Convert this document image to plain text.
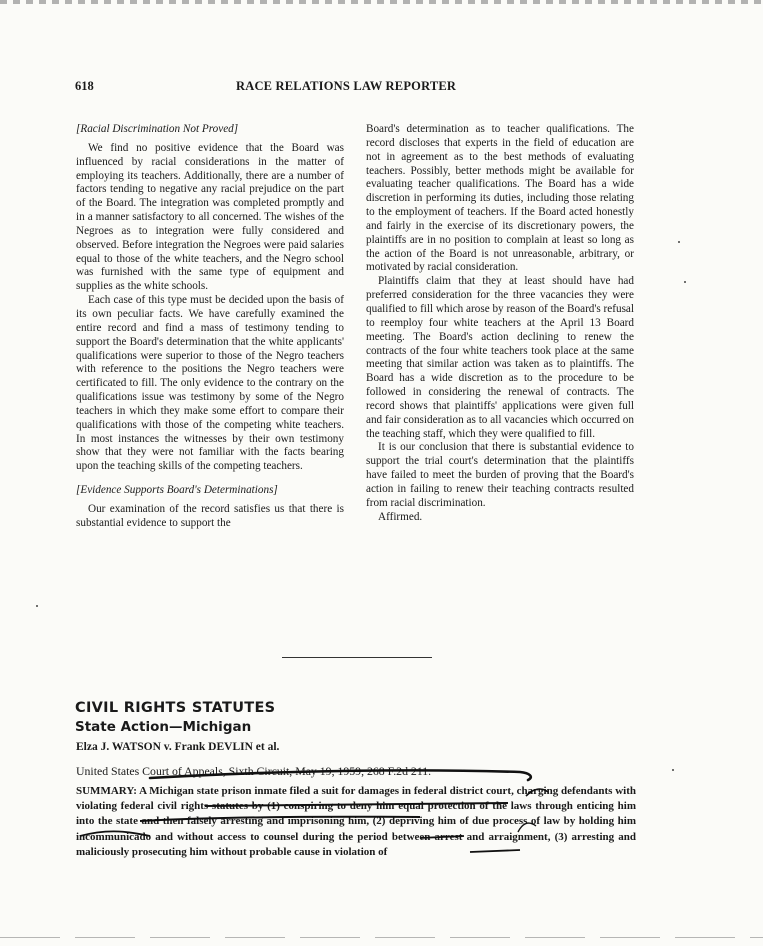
618	RACE RELATIONS LAW REPORTER

[Racial Discrimination Not Proved]

We find no positive evidence that the Board was influenced by racial considerations in the matter of employing its teachers. Additionally, there are a number of factors tending to negative any racial prejudice on the part of the Board. The integration was completed promptly and in a manner satisfactory to all concerned. The wishes of the Negroes as to integration were fully considered and observed. Before integration the Negroes were paid salaries equal to those of the white teachers, and the Negro school was furnished with the same type of equipment and supplies as the white schools.

Each case of this type must be decided upon the basis of its own peculiar facts. We have carefully examined the entire record and find a mass of testimony tending to support the Board's determination that the white applicants' qualifications were superior to those of the Negro teachers with reference to the positions the Negro teachers were certificated to fill. The only evidence to the contrary on the qualifications issue was testimony by some of the Negro teachers in which they make some effort to compare their qualifications with those of the competing white teachers. In most instances the witnesses by their own testimony show that they were not familiar with the facts bearing upon the teaching skills of the competing teachers.

[Evidence Supports Board's Determinations]

Our examination of the record satisfies us that there is substantial evidence to support the

Board's determination as to teacher qualifications. The record discloses that experts in the field of education are not in agreement as to the best methods of evaluating teachers. Possibly, better methods might be available for evaluating teacher qualifications. The Board has a wide discretion in performing its duties, including those relating to the employment of teachers. If the Board acted honestly and fairly in the exercise of its discretionary powers, the plaintiffs are in no position to complain at least so long as the action of the Board is not unreasonable, arbitrary, or motivated by racial consideration.

Plaintiffs claim that they at least should have had preferred consideration for the three vacancies they were qualified to fill which arose by reason of the Board's refusal to reemploy four white teachers at the April 13 Board meeting. The Board's action declining to renew the contracts of the four white teachers took place at the same meeting that similar action was taken as to plaintiffs. The Board has a wide discretion as to the procedure to be followed in considering the renewal of contracts. The record shows that plaintiffs' applications were given full and fair consideration as to all vacancies which occurred on the teaching staff, which they were qualified to fill.

It is our conclusion that there is substantial evidence to support the trial court's determination that the plaintiffs have failed to meet the burden of proving that the Board's action in failing to renew their teaching contracts resulted from racial discrimination.

Affirmed.

CIVIL RIGHTS STATUTES
State Action—Michigan
Elza J. WATSON v. Frank DEVLIN et al.
United States Court of Appeals, Sixth Circuit, May 19, 1959, 268 F.2d 211.
SUMMARY: A Michigan state prison inmate filed a suit for damages in federal district court, charging defendants with violating federal civil rights statutes by (1) conspiring to deny him equal protection of the laws through enticing him into the state and then falsely arresting and imprisoning him, (2) depriving him of due process of law by holding him incommunicado and without access to counsel during the period between arrest and arraignment, (3) arresting and maliciously prosecuting him without probable cause in violation of
